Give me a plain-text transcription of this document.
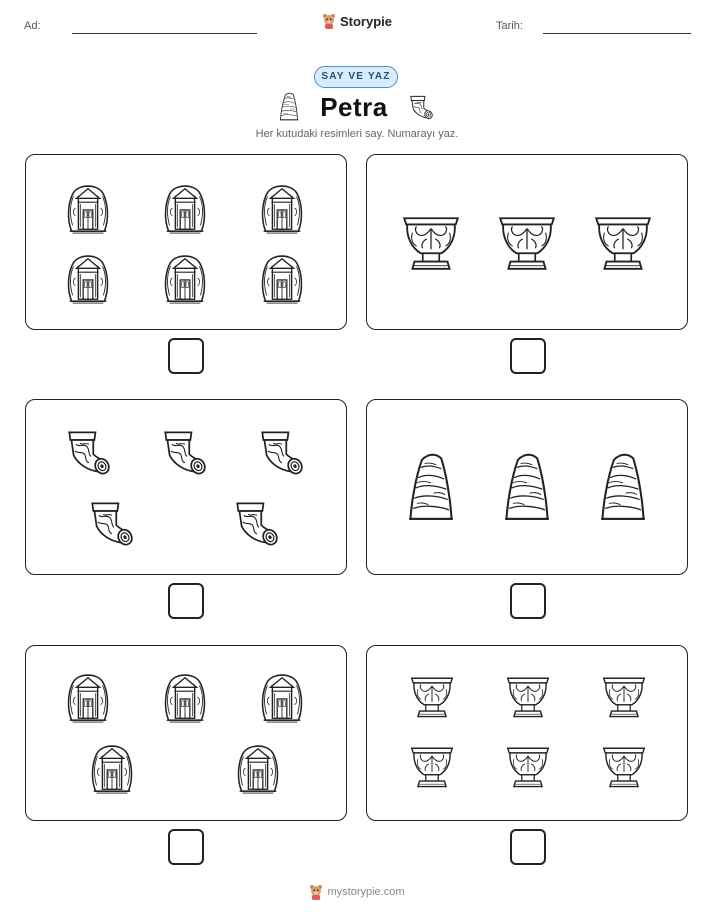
Ad:	Storypie	Tarih:
SAY VE YAZ
Petra
Her kutudaki resimleri say. Numarayı yaz.
mystorypie.com
